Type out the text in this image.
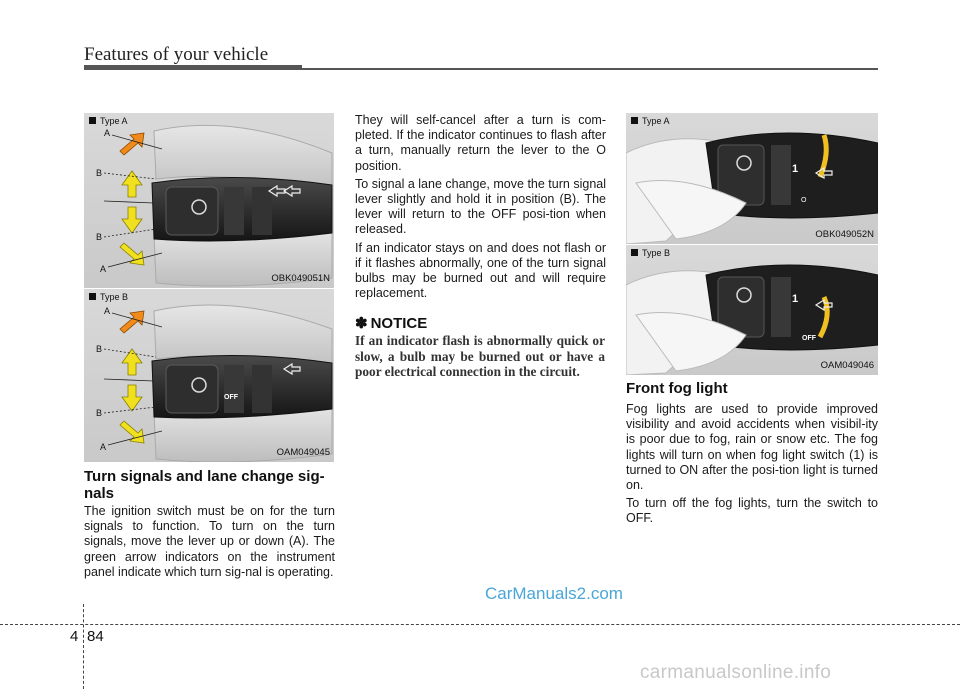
Features of your vehicle
Type A
A
B
B
A
OBK049051N
OFF
Type B
A
B
B
A	OAM049045
Turn signals and lane change sig-nals

The ignition switch must be on for the turn signals to function. To turn on the turn signals, move the lever up or down (A). The green arrow indicators on the instrument panel indicate which turn sig-nal is operating.

They will self-cancel after a turn is com-pleted. If the indicator continues to flash after a turn, manually return the lever to the O position.

To signal a lane change, move the turn signal lever slightly and hold it in position (B). The lever will return to the OFF posi-tion when released.

If an indicator stays on and does not flash or if it flashes abnormally, one of the turn signal bulbs may be burned out and will require replacement.

✽ NOTICE
If an indicator flash is abnormally quick or slow, a bulb may be burned out or have a poor electrical connection in the circuit.
1
O
Type A
OBK049052N
1
OFF
Type B
OAM049046
Front fog light

Fog lights are used to provide improved visibility and avoid accidents when visibil-ity is poor due to fog, rain or snow etc. The fog lights will turn on when fog light switch (1) is turned to ON after the posi-tion light is turned on.

To turn off the fog lights, turn the switch to OFF.

CarManuals2.com
4 84
carmanualsonline.info
